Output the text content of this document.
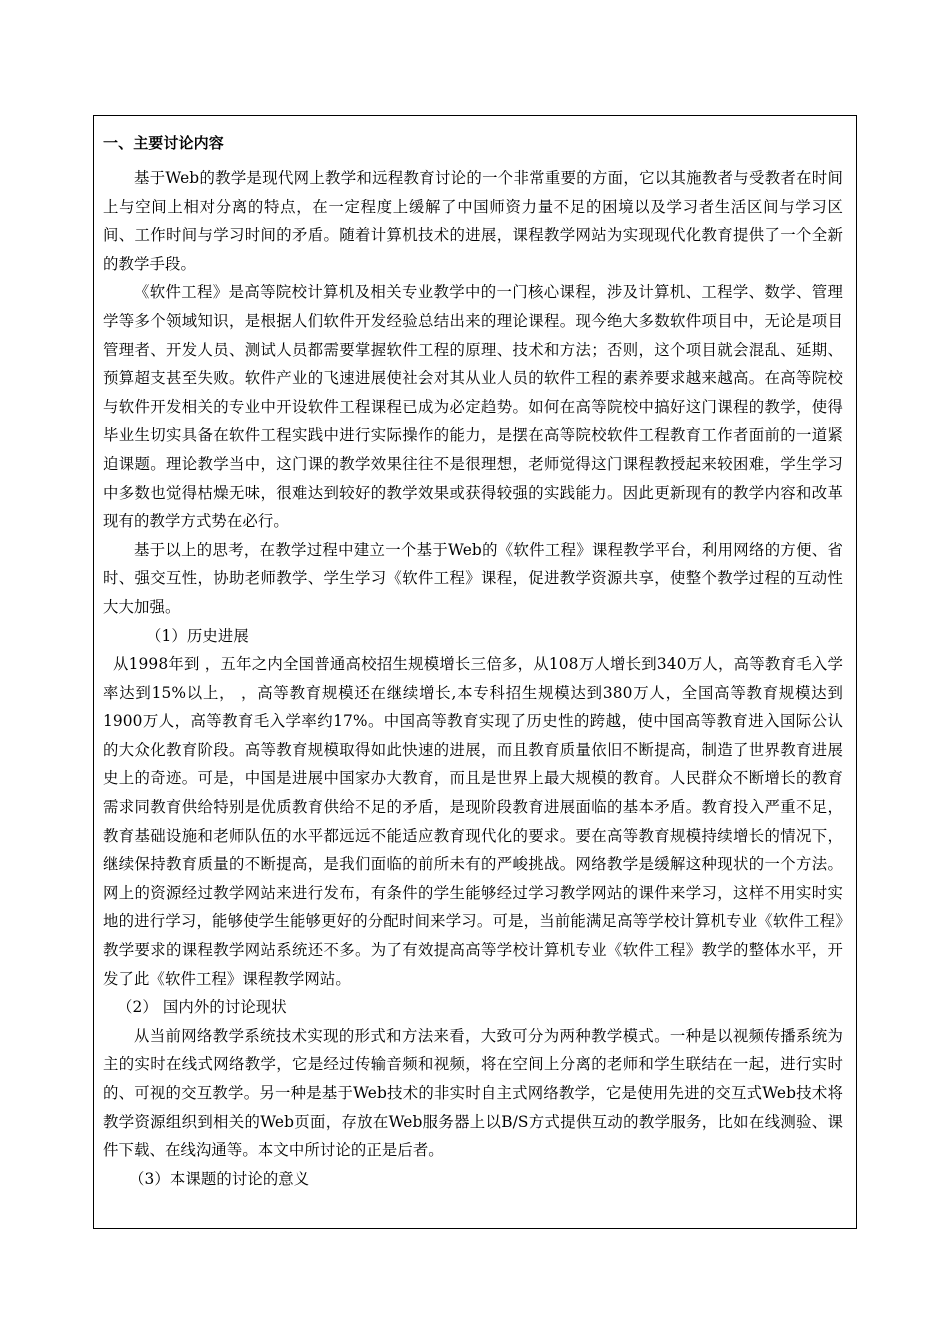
一、主要讨论内容

基于Web的教学是现代网上教学和远程教育讨论的一个非常重要的方面，它以其施教者与受教者在时间上与空间上相对分离的特点，在一定程度上缓解了中国师资力量不足的困境以及学习者生活区间与学习区间、工作时间与学习时间的矛盾。随着计算机技术的进展，课程教学网站为实现现代化教育提供了一个全新的教学手段。

《软件工程》是高等院校计算机及相关专业教学中的一门核心课程，涉及计算机、工程学、数学、管理学等多个领域知识，是根据人们软件开发经验总结出来的理论课程。现今绝大多数软件项目中，无论是项目管理者、开发人员、测试人员都需要掌握软件工程的原理、技术和方法；否则，这个项目就会混乱、延期、预算超支甚至失败。软件产业的飞速进展使社会对其从业人员的软件工程的素养要求越来越高。在高等院校与软件开发相关的专业中开设软件工程课程已成为必定趋势。如何在高等院校中搞好这门课程的教学，使得毕业生切实具备在软件工程实践中进行实际操作的能力，是摆在高等院校软件工程教育工作者面前的一道紧迫课题。理论教学当中，这门课的教学效果往往不是很理想，老师觉得这门课程教授起来较困难，学生学习中多数也觉得枯燥无味，很难达到较好的教学效果或获得较强的实践能力。因此更新现有的教学内容和改革现有的教学方式势在必行。

基于以上的思考，在教学过程中建立一个基于Web的《软件工程》课程教学平台，利用网络的方便、省时、强交互性，协助老师教学、学生学习《软件工程》课程，促进教学资源共享，使整个教学过程的互动性大大加强。

（1）历史进展

从1998年到 ，五年之内全国普通高校招生规模增长三倍多，从108万人增长到340万人，高等教育毛入学率达到15%以上， ，高等教育规模还在继续增长,本专科招生规模达到380万人，全国高等教育规模达到1900万人，高等教育毛入学率约17%。中国高等教育实现了历史性的跨越，使中国高等教育进入国际公认的大众化教育阶段。高等教育规模取得如此快速的进展，而且教育质量依旧不断提高，制造了世界教育进展史上的奇迹。可是，中国是进展中国家办大教育，而且是世界上最大规模的教育。人民群众不断增长的教育需求同教育供给特别是优质教育供给不足的矛盾，是现阶段教育进展面临的基本矛盾。教育投入严重不足，教育基础设施和老师队伍的水平都远远不能适应教育现代化的要求。要在高等教育规模持续增长的情况下，继续保持教育质量的不断提高，是我们面临的前所未有的严峻挑战。网络教学是缓解这种现状的一个方法。网上的资源经过教学网站来进行发布，有条件的学生能够经过学习教学网站的课件来学习，这样不用实时实地的进行学习，能够使学生能够更好的分配时间来学习。可是，当前能满足高等学校计算机专业《软件工程》教学要求的课程教学网站系统还不多。为了有效提高高等学校计算机专业《软件工程》教学的整体水平，开发了此《软件工程》课程教学网站。

（2） 国内外的讨论现状

从当前网络教学系统技术实现的形式和方法来看，大致可分为两种教学模式。一种是以视频传播系统为主的实时在线式网络教学，它是经过传输音频和视频，将在空间上分离的老师和学生联结在一起，进行实时的、可视的交互教学。另一种是基于Web技术的非实时自主式网络教学，它是使用先进的交互式Web技术将教学资源组织到相关的Web页面，存放在Web服务器上以B/S方式提供互动的教学服务，比如在线测验、课件下载、在线沟通等。本文中所讨论的正是后者。

（3）本课题的讨论的意义
